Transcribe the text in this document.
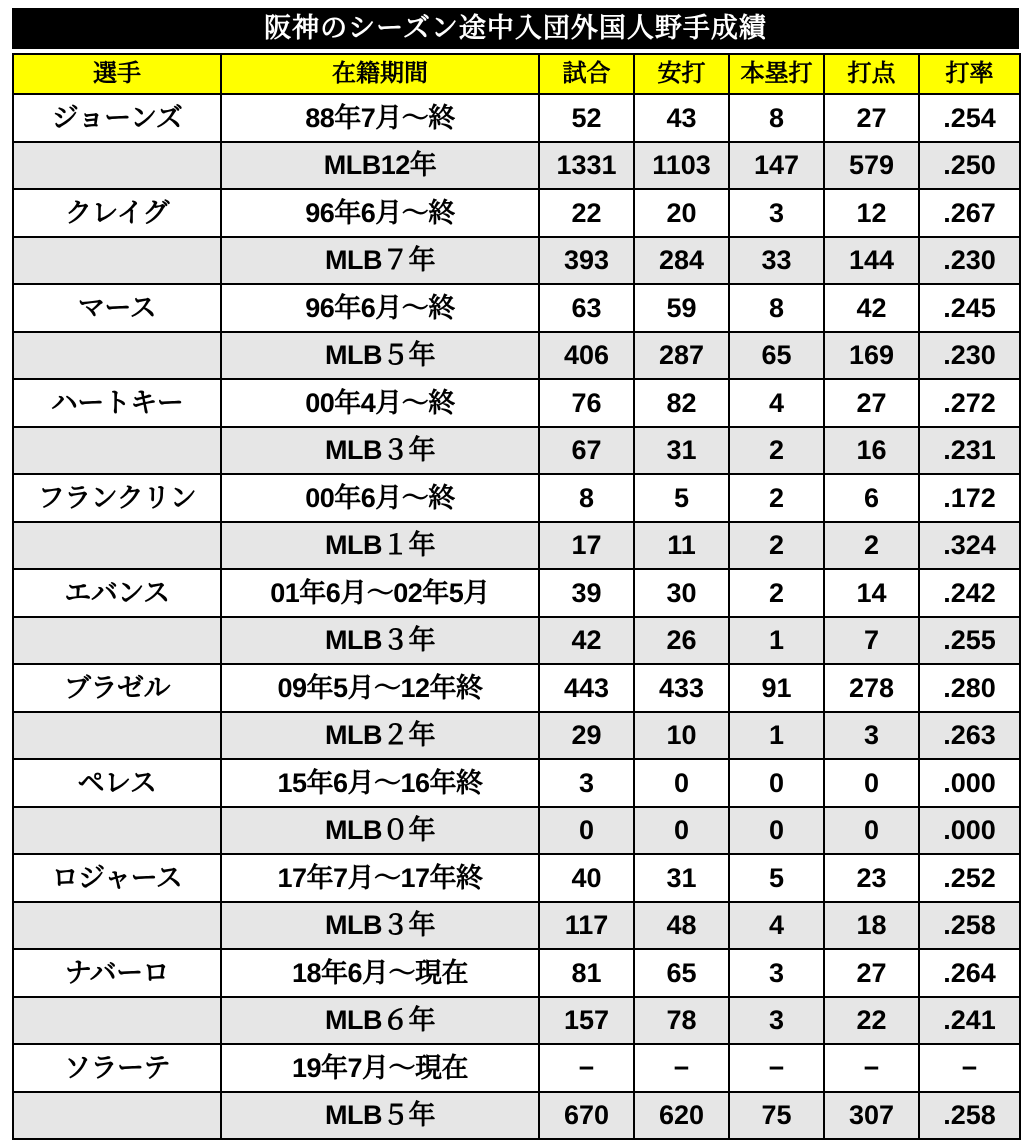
阪神のシーズン途中入団外国人野手成績
選手	在籍期間	試合	安打	本塁打	打点	打率
ジョーンズ	88年7月〜終	52	43	8	27	.254
	MLB12年	1331	1103	147	579	.250
クレイグ	96年6月〜終	22	20	3	12	.267
	MLB７年	393	284	33	144	.230
マース	96年6月〜終	63	59	8	42	.245
	MLB５年	406	287	65	169	.230
ハートキー	00年4月〜終	76	82	4	27	.272
	MLB３年	67	31	2	16	.231
フランクリン	00年6月〜終	8	5	2	6	.172
	MLB１年	17	11	2	2	.324
エバンス	01年6月〜02年5月	39	30	2	14	.242
	MLB３年	42	26	1	7	.255
ブラゼル	09年5月〜12年終	443	433	91	278	.280
	MLB２年	29	10	1	3	.263
ペレス	15年6月〜16年終	3	0	0	0	.000
	MLB０年	0	0	0	0	.000
ロジャース	17年7月〜17年終	40	31	5	23	.252
	MLB３年	117	48	4	18	.258
ナバーロ	18年6月〜現在	81	65	3	27	.264
	MLB６年	157	78	3	22	.241
ソラーテ	19年7月〜現在	−	−	−	−	−
	MLB５年	670	620	75	307	.258
